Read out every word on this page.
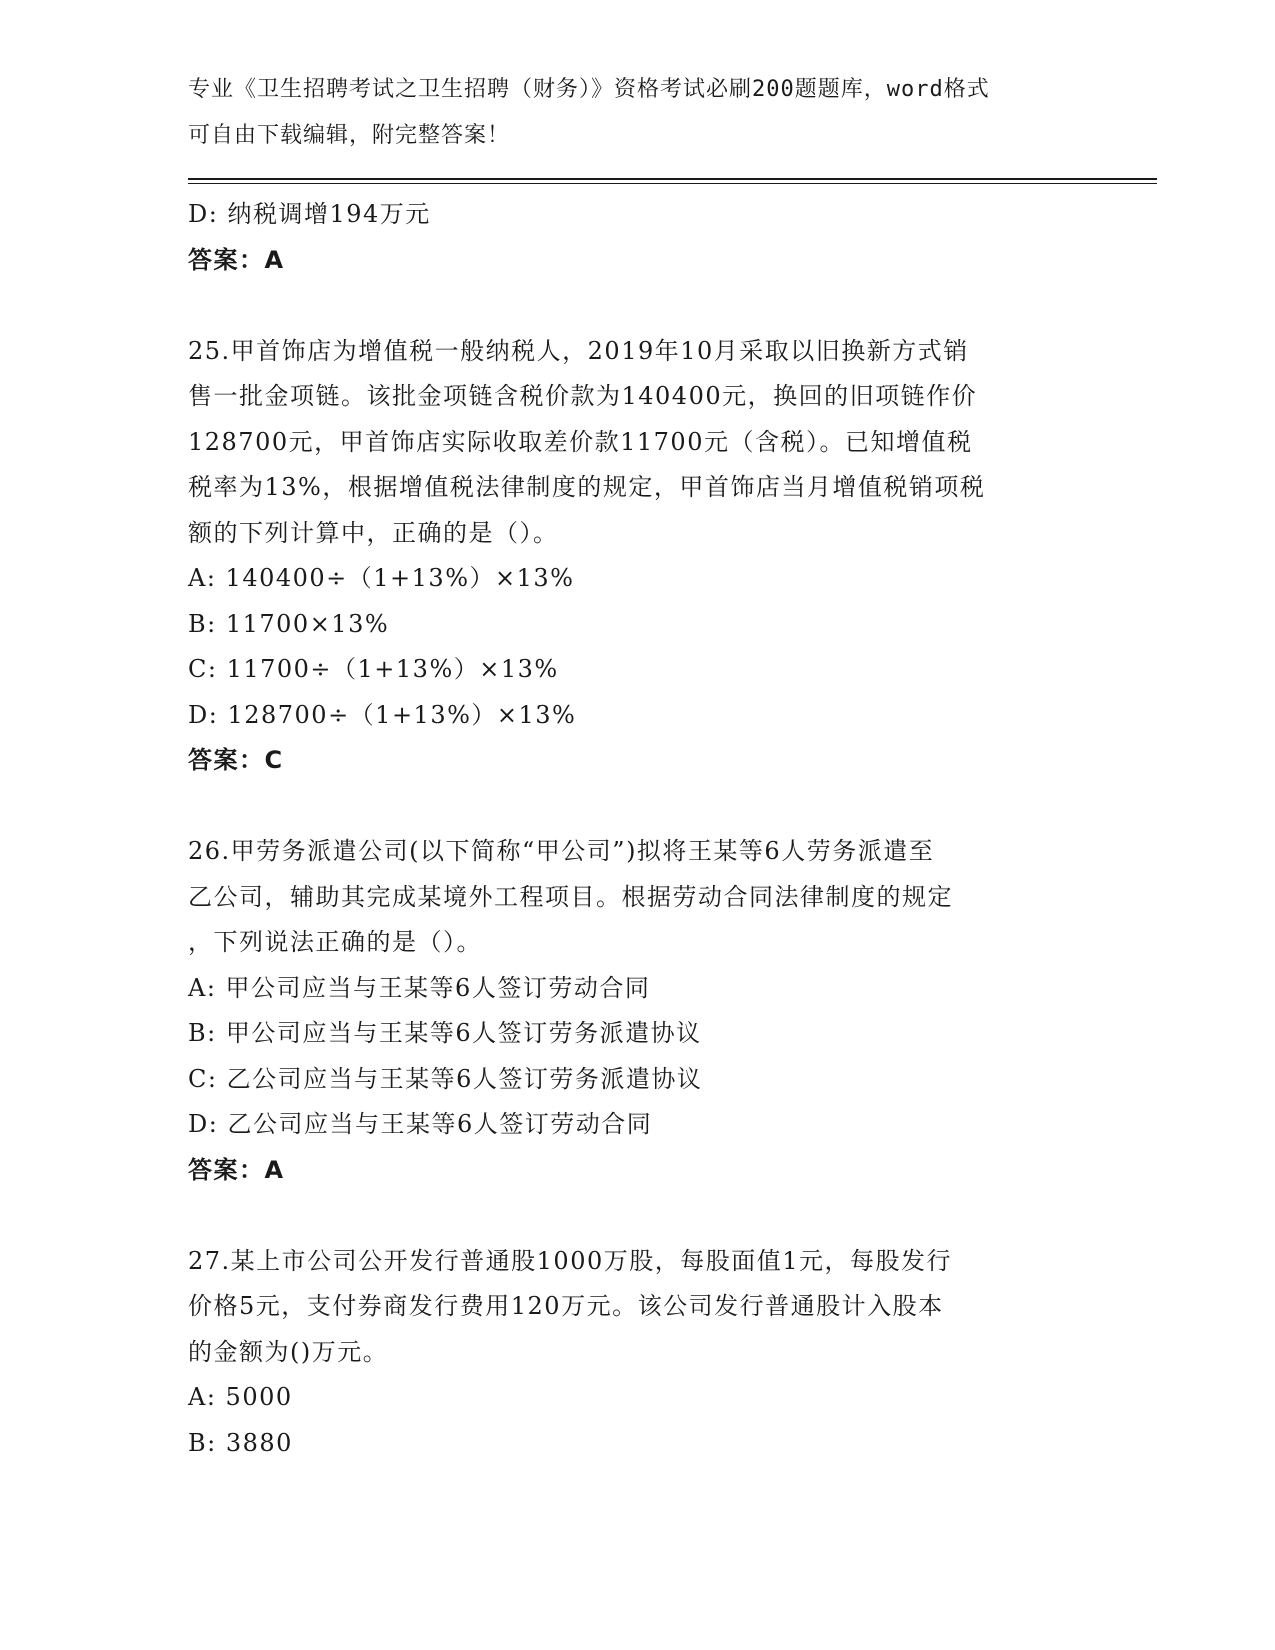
专业《卫生招聘考试之卫生招聘（财务）》资格考试必刷200题题库，word格式
可自由下载编辑，附完整答案！
D: 纳税调增194万元
答案：A
25.甲首饰店为增值税一般纳税人，2019年10月采取以旧换新方式销
售一批金项链。该批金项链含税价款为140400元，换回的旧项链作价
128700元，甲首饰店实际收取差价款11700元（含税）。已知增值税
税率为13%，根据增值税法律制度的规定，甲首饰店当月增值税销项税
额的下列计算中，正确的是（）。
A: 140400÷（1+13%）×13%
B: 11700×13%
C: 11700÷（1+13%）×13%
D: 128700÷（1+13%）×13%
答案：C
26.甲劳务派遣公司(以下简称“甲公司”)拟将王某等6人劳务派遣至
乙公司，辅助其完成某境外工程项目。根据劳动合同法律制度的规定
，下列说法正确的是（）。
A: 甲公司应当与王某等6人签订劳动合同
B: 甲公司应当与王某等6人签订劳务派遣协议
C: 乙公司应当与王某等6人签订劳务派遣协议
D: 乙公司应当与王某等6人签订劳动合同
答案：A
27.某上市公司公开发行普通股1000万股，每股面值1元，每股发行
价格5元，支付券商发行费用120万元。该公司发行普通股计入股本
的金额为()万元。
A: 5000
B: 3880
